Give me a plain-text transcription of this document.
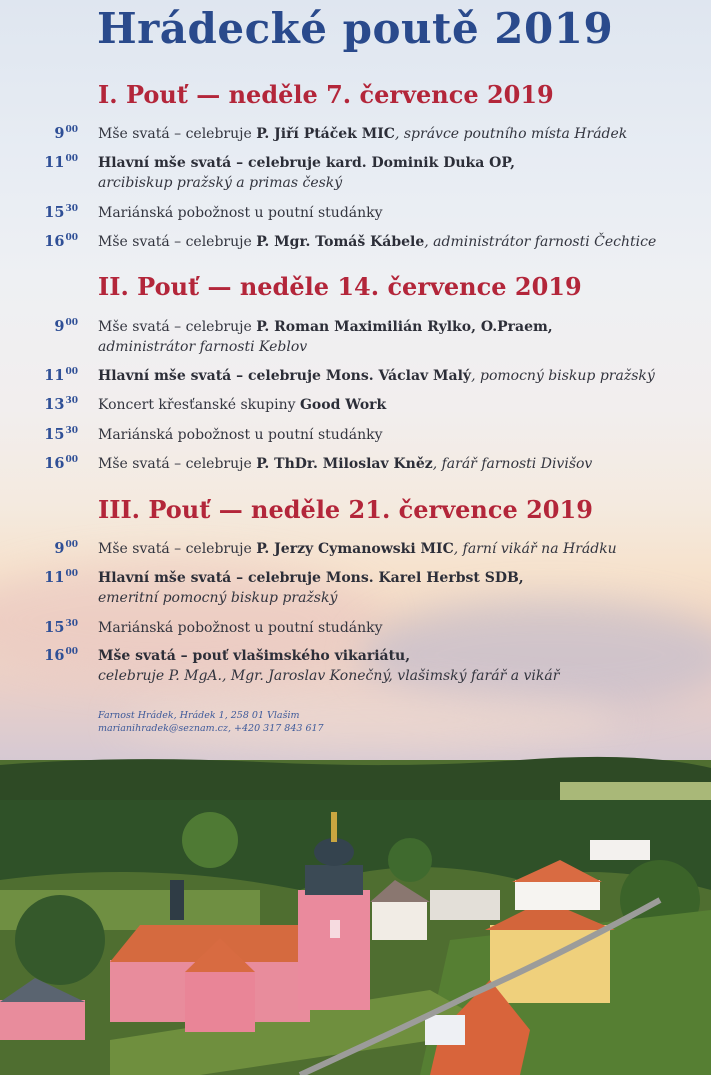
Hrádecké poutě 2019
I. Pouť — neděle 7. července 2019
$9^{00}$ Mše svatá – celebruje P. Jiří Ptáček MIC, správce poutního místa Hrádek
$11^{00}$ Hlavní mše svatá – celebruje kard. Dominik Duka OP,
arcibiskup pražský a primas český
$15^{30}$ Mariánská pobožnost u poutní studánky
$16^{00}$ Mše svatá – celebruje P. Mgr. Tomáš Kábele, administrátor farnosti Čechtice
II. Pouť — neděle 14. července 2019
$9^{00}$ Mše svatá – celebruje P. Roman Maximilián Rylko, O.Praem,
administrátor farnosti Keblov
$11^{00}$ Hlavní mše svatá – celebruje Mons. Václav Malý, pomocný biskup pražský
$13^{30}$ Koncert křesťanské skupiny Good Work
$15^{30}$ Mariánská pobožnost u poutní studánky
$16^{00}$ Mše svatá – celebruje P. ThDr. Miloslav Kněz, farář farnosti Divišov
III. Pouť — neděle 21. července 2019
$9^{00}$ Mše svatá – celebruje P. Jerzy Cymanowski MIC, farní vikář na Hrádku
$11^{00}$ Hlavní mše svatá – celebruje Mons. Karel Herbst SDB,
emeritní pomocný biskup pražský
$15^{30}$ Mariánská pobožnost u poutní studánky
$16^{00}$ Mše svatá – pouť vlašimského vikariátu,
celebruje P. MgA., Mgr. Jaroslav Konečný, vlašimský farář a vikář
Farnost Hrádek, Hrádek 1, 258 01 Vlašim
marianihradek@seznam.cz, +420 317 843 617
